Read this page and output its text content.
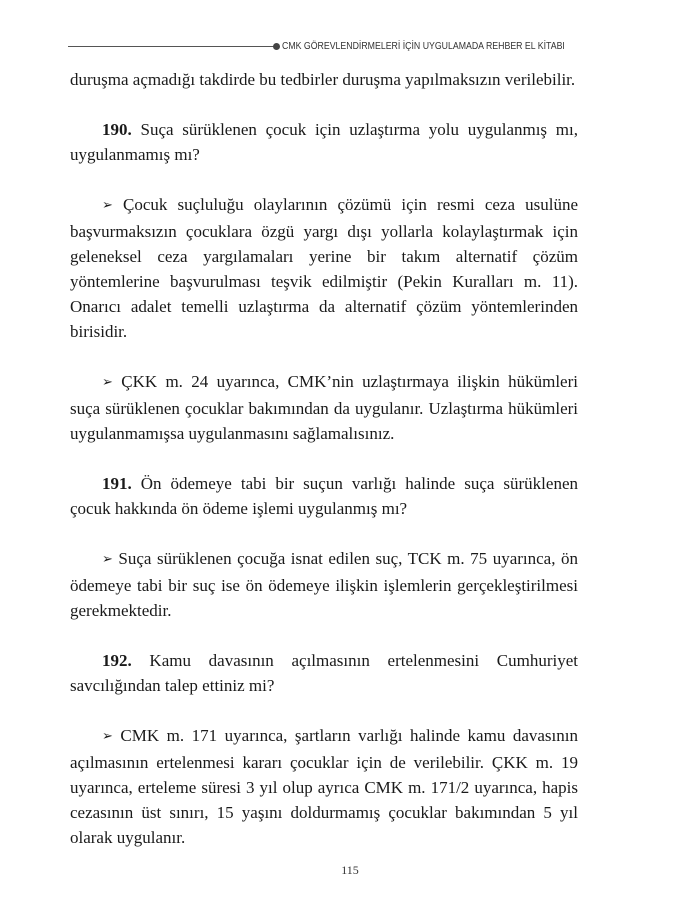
CMK GÖREVLENDİRMELERİ İÇİN UYGULAMADA REHBER EL KİTABI

duruşma açmadığı takdirde bu tedbirler duruşma yapılmaksızın verilebilir.

190. Suça sürüklenen çocuk için uzlaştırma yolu uygulanmış mı, uygulanmamış mı?

➢ Çocuk suçluluğu olaylarının çözümü için resmi ceza usulüne başvurmaksızın çocuklara özgü yargı dışı yollarla kolaylaştırmak için geleneksel ceza yargılamaları yerine bir takım alternatif çözüm yöntemlerine başvurulması teşvik edilmiştir (Pekin Kuralları m. 11). Onarıcı adalet temelli uzlaştırma da alternatif çözüm yöntemlerinden birisidir.

➢ ÇKK m. 24 uyarınca, CMK’nin uzlaştırmaya ilişkin hükümleri suça sürüklenen çocuklar bakımından da uygulanır. Uzlaştırma hükümleri uygulanmamışsa uygulanmasını sağlamalısınız.

191. Ön ödemeye tabi bir suçun varlığı halinde suça sürüklenen çocuk hakkında ön ödeme işlemi uygulanmış mı?

➢ Suça sürüklenen çocuğa isnat edilen suç, TCK m. 75 uyarınca, ön ödemeye tabi bir suç ise ön ödemeye ilişkin işlemlerin gerçekleştirilmesi gerekmektedir.

192. Kamu davasının açılmasının ertelenmesini Cumhuriyet savcılığından talep ettiniz mi?

➢ CMK m. 171 uyarınca, şartların varlığı halinde kamu davasının açılmasının ertelenmesi kararı çocuklar için de verilebilir. ÇKK m. 19 uyarınca, erteleme süresi 3 yıl olup ayrıca CMK m. 171/2 uyarınca, hapis cezasının üst sınırı, 15 yaşını doldurmamış çocuklar bakımından 5 yıl olarak uygulanır.

115
